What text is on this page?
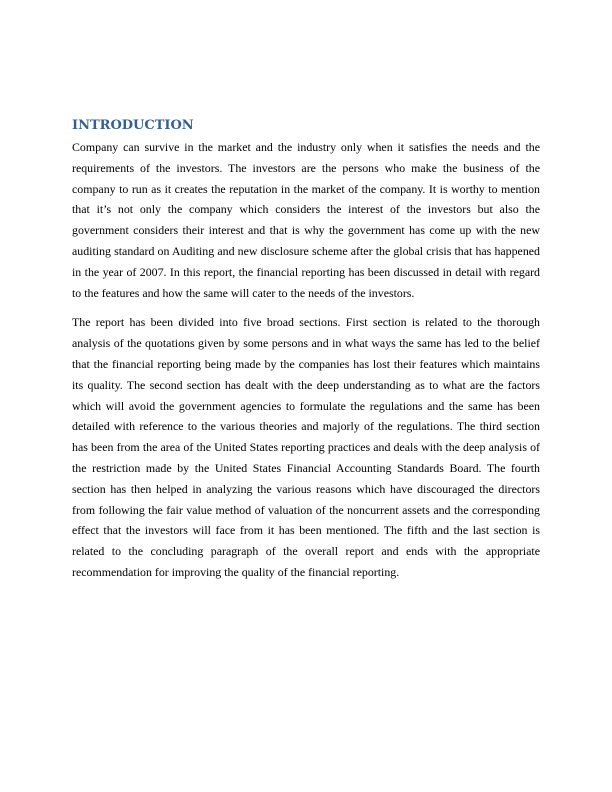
INTRODUCTION

Company can survive in the market and the industry only when it satisfies the needs and the requirements of the investors. The investors are the persons who make the business of the company to run as it creates the reputation in the market of the company. It is worthy to mention that it’s not only the company which considers the interest of the investors but also the government considers their interest and that is why the government has come up with the new auditing standard on Auditing and new disclosure scheme after the global crisis that has happened in the year of 2007. In this report, the financial reporting has been discussed in detail with regard to the features and how the same will cater to the needs of the investors.

The report has been divided into five broad sections. First section is related to the thorough analysis of the quotations given by some persons and in what ways the same has led to the belief that the financial reporting being made by the companies has lost their features which maintains its quality. The second section has dealt with the deep understanding as to what are the factors which will avoid the government agencies to formulate the regulations and the same has been detailed with reference to the various theories and majorly of the regulations. The third section has been from the area of the United States reporting practices and deals with the deep analysis of the restriction made by the United States Financial Accounting Standards Board. The fourth section has then helped in analyzing the various reasons which have discouraged the directors from following the fair value method of valuation of the noncurrent assets and the corresponding effect that the investors will face from it has been mentioned. The fifth and the last section is related to the concluding paragraph of the overall report and ends with the appropriate recommendation for improving the quality of the financial reporting.
